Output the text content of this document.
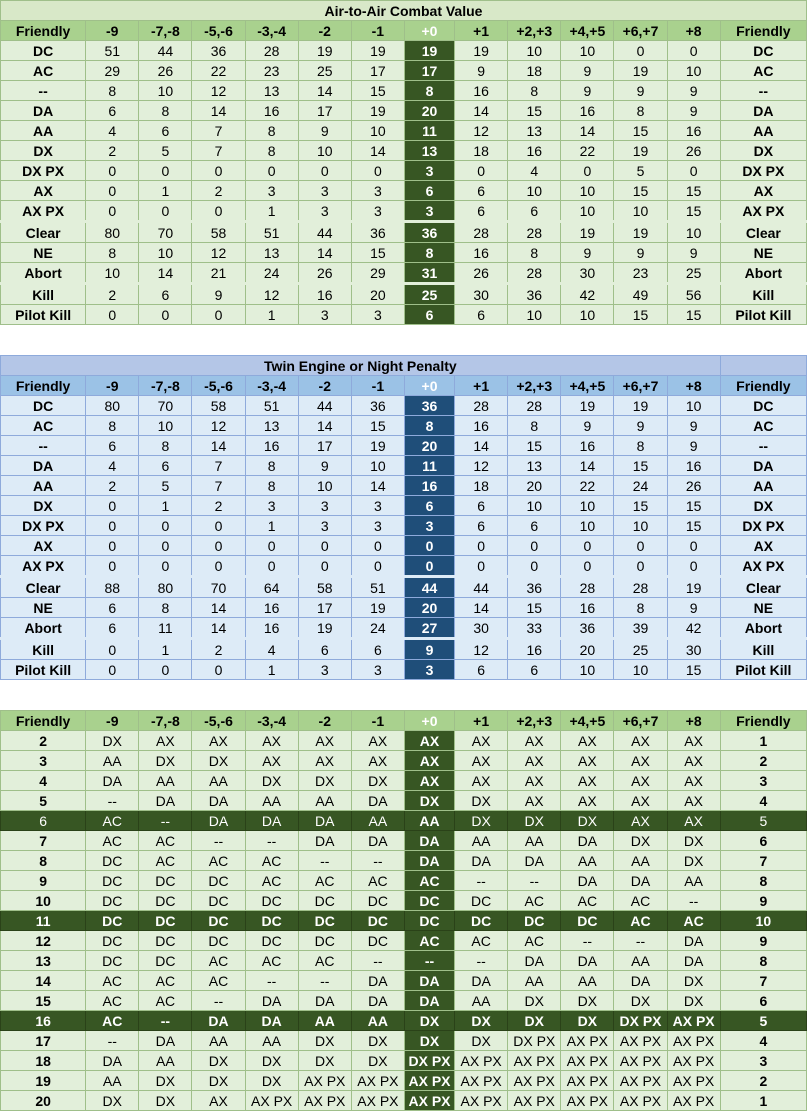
Air-to-Air Combat Value													
Friendly	-9	-7,-8	-5,-6	-3,-4	-2	-1	+0	+1	+2,+3	+4,+5	+6,+7	+8	Friendly
DC	51	44	36	28	19	19	19	19	10	10	0	0	DC
AC	29	26	22	23	25	17	17	9	18	9	19	10	AC
--	8	10	12	13	14	15	8	16	8	9	9	9	--
DA	6	8	14	16	17	19	20	14	15	16	8	9	DA
AA	4	6	7	8	9	10	11	12	13	14	15	16	AA
DX	2	5	7	8	10	14	13	18	16	22	19	26	DX
DX PX	0	0	0	0	0	0	3	0	4	0	5	0	DX PX
AX	0	1	2	3	3	3	6	6	10	10	15	15	AX
AX PX	0	0	0	1	3	3	3	6	6	10	10	15	AX PX
Clear	80	70	58	51	44	36	36	28	28	19	19	10	Clear
NE	8	10	12	13	14	15	8	16	8	9	9	9	NE
Abort	10	14	21	24	26	29	31	26	28	30	23	25	Abort
Kill	2	6	9	12	16	20	25	30	36	42	49	56	Kill
Pilot Kill	0	0	0	1	3	3	6	6	10	10	15	15	Pilot Kill
Twin Engine or Night Penalty													
Friendly	-9	-7,-8	-5,-6	-3,-4	-2	-1	+0	+1	+2,+3	+4,+5	+6,+7	+8	Friendly
DC	80	70	58	51	44	36	36	28	28	19	19	10	DC
AC	8	10	12	13	14	15	8	16	8	9	9	9	AC
--	6	8	14	16	17	19	20	14	15	16	8	9	--
DA	4	6	7	8	9	10	11	12	13	14	15	16	DA
AA	2	5	7	8	10	14	16	18	20	22	24	26	AA
DX	0	1	2	3	3	3	6	6	10	10	15	15	DX
DX PX	0	0	0	1	3	3	3	6	6	10	10	15	DX PX
AX	0	0	0	0	0	0	0	0	0	0	0	0	AX
AX PX	0	0	0	0	0	0	0	0	0	0	0	0	AX PX
Clear	88	80	70	64	58	51	44	44	36	28	28	19	Clear
NE	6	8	14	16	17	19	20	14	15	16	8	9	NE
Abort	6	11	14	16	19	24	27	30	33	36	39	42	Abort
Kill	0	1	2	4	6	6	9	12	16	20	25	30	Kill
Pilot Kill	0	0	0	1	3	3	3	6	6	10	10	15	Pilot Kill
Friendly	-9	-7,-8	-5,-6	-3,-4	-2	-1	+0	+1	+2,+3	+4,+5	+6,+7	+8	Friendly
2	DX	AX	AX	AX	AX	AX	AX	AX	AX	AX	AX	AX	1
3	AA	DX	DX	AX	AX	AX	AX	AX	AX	AX	AX	AX	2
4	DA	AA	AA	DX	DX	DX	AX	AX	AX	AX	AX	AX	3
5	--	DA	DA	AA	AA	DA	DX	DX	AX	AX	AX	AX	4
6	AC	--	DA	DA	DA	AA	AA	DX	DX	DX	AX	AX	5
7	AC	AC	--	--	DA	DA	DA	AA	AA	DA	DX	DX	6
8	DC	AC	AC	AC	--	--	DA	DA	DA	AA	AA	DX	7
9	DC	DC	DC	AC	AC	AC	AC	--	--	DA	DA	AA	8
10	DC	DC	DC	DC	DC	DC	DC	DC	AC	AC	AC	--	9
11	DC	DC	DC	DC	DC	DC	DC	DC	DC	DC	AC	AC	10
12	DC	DC	DC	DC	DC	DC	AC	AC	AC	--	--	DA	9
13	DC	DC	AC	AC	AC	--	--	--	DA	DA	AA	DA	8
14	AC	AC	AC	--	--	DA	DA	DA	AA	AA	DA	DX	7
15	AC	AC	--	DA	DA	DA	DA	AA	DX	DX	DX	DX	6
16	AC	--	DA	DA	AA	AA	DX	DX	DX	DX	DX PX	AX PX	5
17	--	DA	AA	AA	DX	DX	DX	DX	DX PX	AX PX	AX PX	AX PX	4
18	DA	AA	DX	DX	DX	DX	DX PX	AX PX	AX PX	AX PX	AX PX	AX PX	3
19	AA	DX	DX	DX	AX PX	AX PX	AX PX	AX PX	AX PX	AX PX	AX PX	AX PX	2
20	DX	DX	AX	AX PX	AX PX	AX PX	AX PX	AX PX	AX PX	AX PX	AX PX	AX PX	1
